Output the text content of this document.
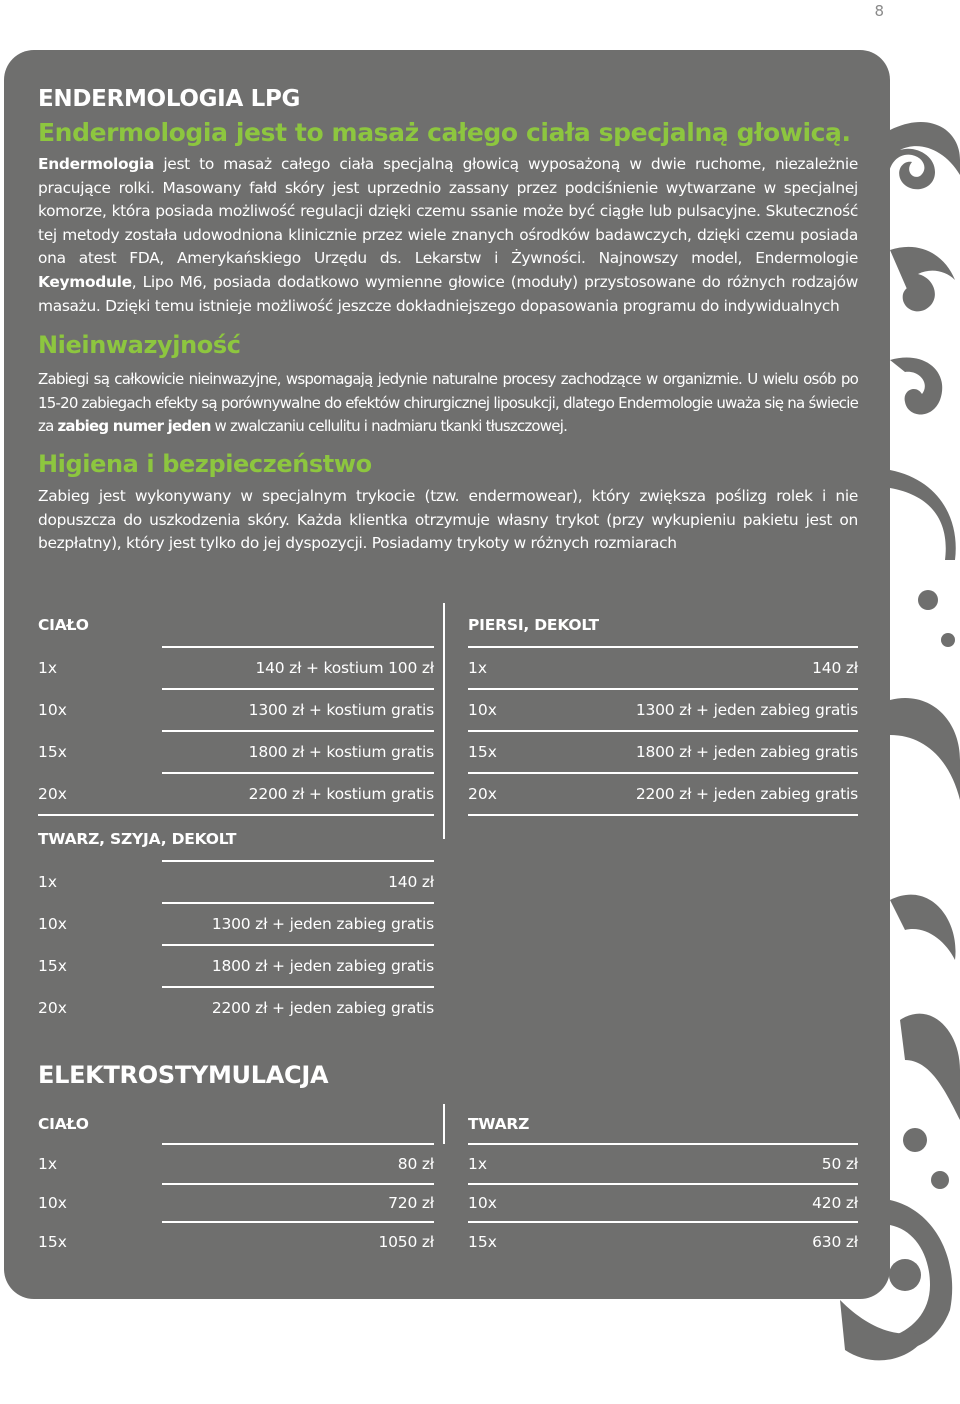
8
ENDERMOLOGIA LPG
Endermologia jest to masaż całego ciała specjalną głowicą.

Endermologia jest to masaż całego ciała specjalną głowicą wyposażoną w dwie ruchome, niezależnie pracujące rolki. Masowany fałd skóry jest uprzednio zassany przez podciśnienie wytwarzane w specjalnej komorze, która posiada możliwość regulacji dzięki czemu ssanie może być ciągłe lub pulsacyjne. Skuteczność tej metody została udowodniona klinicznie przez wiele znanych ośrodków badawczych, dzięki czemu posiada ona atest FDA, Amerykańskiego Urzędu ds. Lekarstw i Żywności. Najnowszy model, Endermologie Keymodule, Lipo M6, posiada dodatkowo wymienne głowice (moduły) przystosowane do różnych rodzajów masażu. Dzięki temu istnieje możliwość jeszcze dokładniejszego dopasowania programu do indywidualnych

Nieinwazyjność

Zabiegi są całkowicie nieinwazyjne, wspomagają jedynie naturalne procesy zachodzące w organizmie. U wielu osób po 15-20 zabiegach efekty są porównywalne do efektów chirurgicznej liposukcji, dlatego Endermologie uważa się na świecie za zabieg numer jeden w zwalczaniu cellulitu i nadmiaru tkanki tłuszczowej.

Higiena i bezpieczeństwo

Zabieg jest wykonywany w specjalnym trykocie (tzw. endermowear), który zwiększa poślizg rolek i nie dopuszcza do uszkodzenia skóry. Każda klientka otrzymuje własny trykot (przy wykupieniu pakietu jest on bezpłatny), który jest tylko do jej dyspozycji. Posiadamy trykoty w różnych rozmiarach

CIAŁO
1x	140 zł + kostium 100 zł
10x	1300 zł + kostium gratis
15x	1800 zł + kostium gratis
20x	2200 zł + kostium gratis
TWARZ, SZYJA, DEKOLT
1x	140 zł
10x	1300 zł + jeden zabieg gratis
15x	1800 zł + jeden zabieg gratis
20x	2200 zł + jeden zabieg gratis
PIERSI, DEKOLT
1x	140 zł
10x	1300 zł + jeden zabieg gratis
15x	1800 zł + jeden zabieg gratis
20x	2200 zł + jeden zabieg gratis
ELEKTROSTYMULACJA
CIAŁO
1x	80 zł
10x	720 zł
15x	1050 zł
TWARZ
1x	50 zł
10x	420 zł
15x	630 zł
